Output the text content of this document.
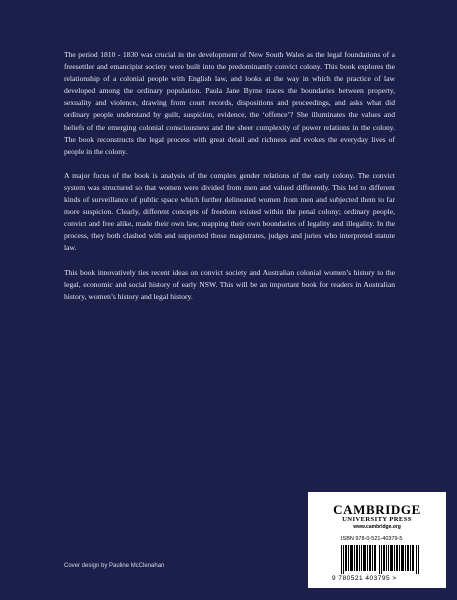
The period 1810 - 1830 was crucial in the development of New South Wales as the legal foundations of a freesettler and emancipist society were built into the predominantly convict colony. This book explores the relationship of a colonial people with English law, and looks at the way in which the practice of law developed among the ordinary population. Paula Jane Byrne traces the boundaries between property, sexuality and violence, drawing from court records, dispositions and proceedings, and asks what did ordinary people understand by guilt, suspicion, evidence, the ‘offence’? She illuminates the values and beliefs of the emerging colonial consciousness and the sheer complexity of power relations in the colony. The book reconstructs the legal process with great detail and richness and evokes the everyday lives of people in the colony.

A major focus of the book is analysis of the complex gender relations of the early colony. The convict system was structured so that women were divided from men and valued differently. This led to different kinds of surveillance of public space which further delineated women from men and subjected them to far more suspicion. Clearly, different concepts of freedom existed within the penal colony; ordinary people, convict and free alike, made their own law, mapping their own boundaries of legality and illegality. In the process, they both clashed with and supported those magistrates, judges and juries who interpreted statute law.

This book innovatively ties recent ideas on convict society and Australian colonial women’s history to the legal, economic and social history of early NSW. This will be an important book for readers in Australian history, women’s history and legal history.

Cover design by Pauline McClenahan
CAMBRIDGE
UNIVERSITY PRESS
www.cambridge.org
ISBN 978-0-521-40379-5
9 780521 403795 >
